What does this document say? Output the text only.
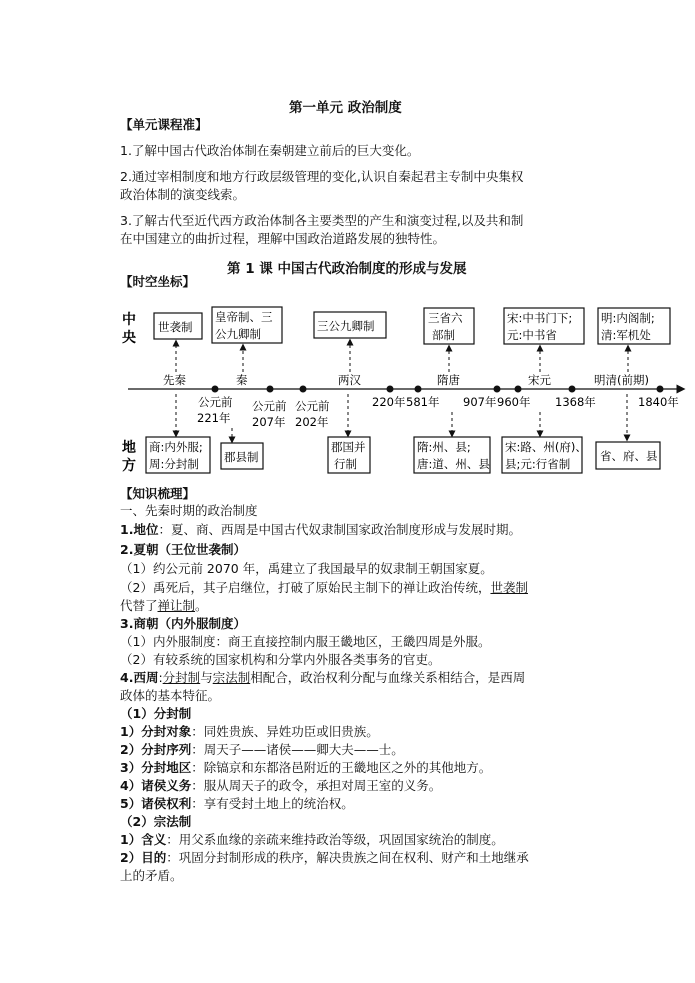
第一单元 政治制度
【单元课程准】
1.了解中国古代政治体制在秦朝建立前后的巨大变化。
2.通过宰相制度和地方行政层级管理的变化,认识自秦起君主专制中央集权
政治体制的演变线索。
3.了解古代至近代西方政治体制各主要类型的产生和演变过程,以及共和制
在中国建立的曲折过程，理解中国政治道路发展的独特性。
第 1 课 中国古代政治制度的形成与发展
【时空坐标】
中
央
地
方
世袭制
皇帝制、三
公九卿制
三公九卿制
三省六
部制
宋:中书门下;
元:中书省
明:内阁制;
清:军机处
先秦	秦	两汉	隋唐	宋元	明清(前期)
公元前
221年
公元前
207年
公元前
202年
220年 581年 907年 960年 1368年	1840年
商:内外服;
周:分封制 郡县制
郡国并
行制
隋:州、县;
唐:道、州、县
宋:路、州(府)、
县;元:行省制
省、府、县
【知识梳理】
一、先秦时期的政治制度
1.地位：夏、商、西周是中国古代奴隶制国家政治制度形成与发展时期。
2.夏朝（王位世袭制）
（1）约公元前 2070 年，禹建立了我国最早的奴隶制王朝国家夏。
（2）禹死后，其子启继位，打破了原始民主制下的禅让政治传统，世袭制
代替了禅让制。
3.商朝（内外服制度）
（1）内外服制度：商王直接控制内服王畿地区，王畿四周是外服。
（2）有较系统的国家机构和分掌内外服各类事务的官吏。
4.西周:分封制与宗法制相配合，政治权利分配与血缘关系相结合，是西周
政体的基本特征。
（1）分封制
1）分封对象：同姓贵族、异姓功臣或旧贵族。
2）分封序列：周天子——诸侯——卿大夫——士。
3）分封地区：除镐京和东都洛邑附近的王畿地区之外的其他地方。
4）诸侯义务：服从周天子的政令，承担对周王室的义务。
5）诸侯权利：享有受封土地上的统治权。
（2）宗法制
1）含义：用父系血缘的亲疏来维持政治等级，巩固国家统治的制度。
2）目的：巩固分封制形成的秩序，解决贵族之间在权利、财产和土地继承
上的矛盾。
